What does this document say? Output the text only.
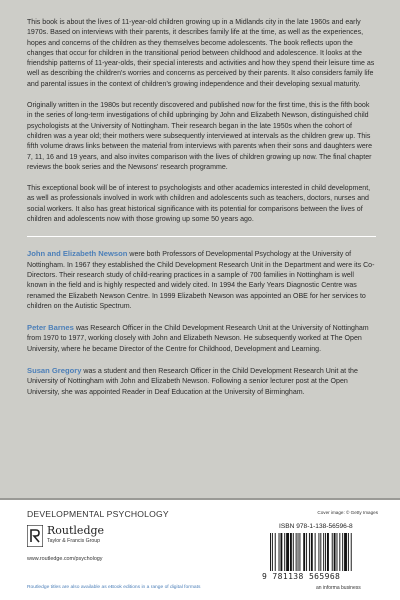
This book is about the lives of 11-year-old children growing up in a Midlands city in the late 1960s and early 1970s. Based on interviews with their parents, it describes family life at the time, as well as the experiences, hopes and concerns of the children as they themselves become adolescents. The book reflects upon the changes that occur for children in the transitional period between childhood and adolescence. It looks at the friendship patterns of 11-year-olds, their special interests and activities and how they spend their leisure time as well as describing the children's worries and concerns as perceived by their parents. It also considers family life and parental issues in the context of children's growing independence and their developing sexual maturity.

Originally written in the 1980s but recently discovered and published now for the first time, this is the fifth book in the series of long-term investigations of child upbringing by John and Elizabeth Newson, distinguished child psychologists at the University of Nottingham. Their research began in the late 1950s when the cohort of children was a year old; their mothers were subsequently interviewed at intervals as the children grew up. This fifth volume draws links between the material from interviews with parents when their sons and daughters were 7, 11, 16 and 19 years, and also invites comparison with the lives of children growing up now. The final chapter reviews the book series and the Newsons' research programme.

This exceptional book will be of interest to psychologists and other academics interested in child development, as well as professionals involved in work with children and adolescents such as teachers, doctors, nurses and social workers. It also has great historical significance with its potential for comparisons between the lives of children and adolescents now with those growing up some 50 years ago.

John and Elizabeth Newson were both Professors of Developmental Psychology at the University of Nottingham. In 1967 they established the Child Development Research Unit in the Department and were its Co-Directors. Their research study of child-rearing practices in a sample of 700 families in Nottingham is well known in the field and is highly respected and widely cited. In 1994 the Early Years Diagnostic Centre was renamed the Elizabeth Newson Centre. In 1999 Elizabeth Newson was appointed an OBE for her services to children on the Autistic Spectrum.

Peter Barnes was Research Officer in the Child Development Research Unit at the University of Nottingham from 1970 to 1977, working closely with John and Elizabeth Newson. He subsequently worked at The Open University, where he became Director of the Centre for Childhood, Development and Learning.

Susan Gregory was a student and then Research Officer in the Child Development Research Unit at the University of Nottingham with John and Elizabeth Newson. Following a senior lecturer post at the Open University, she was appointed Reader in Deaf Education at the University of Birmingham.

DEVELOPMENTAL PSYCHOLOGY	Cover image: © Getty Images
Routledge
Taylor & Francis Group
www.routledge.com/psychology
Routledge titles are also available as eBook editions in a range of digital formats
ISBN 978-1-138-56596-8
9 781138 565968
an informa business
